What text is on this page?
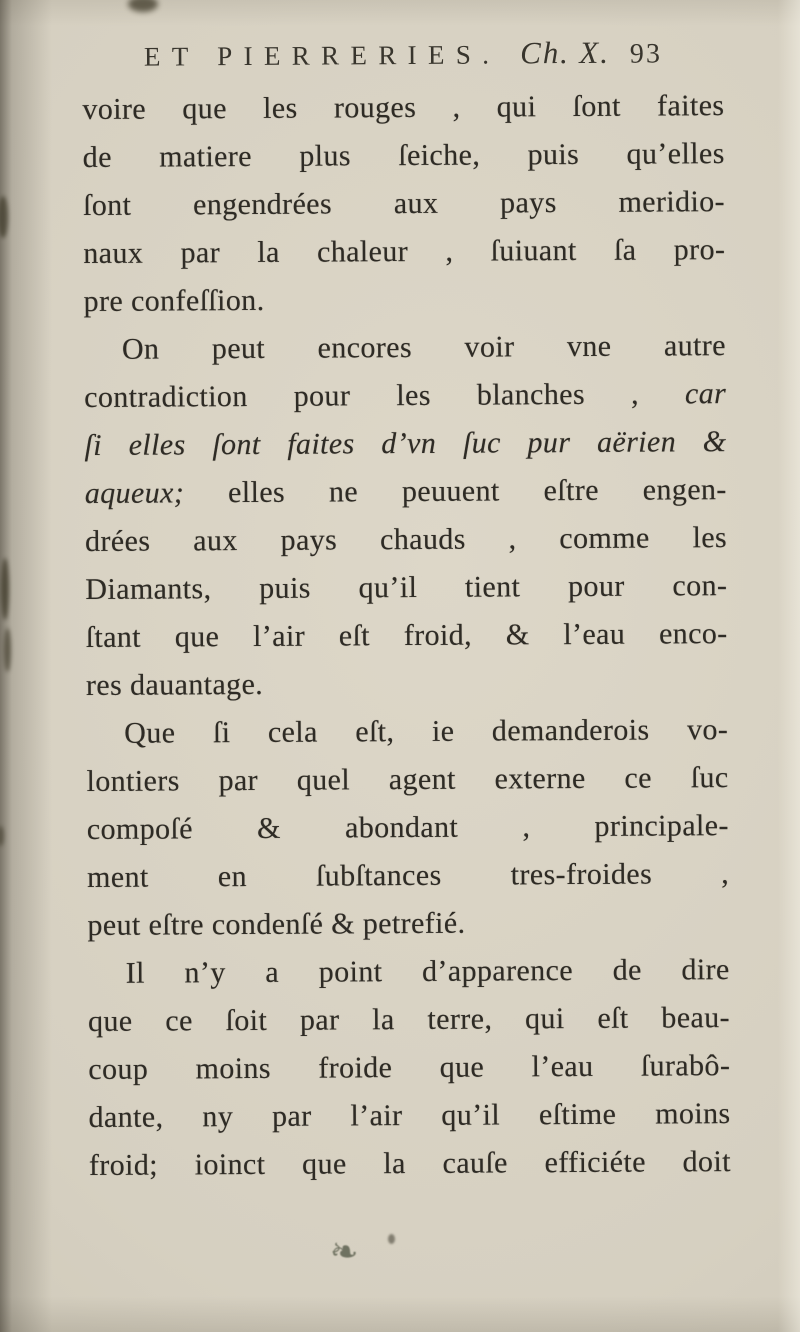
ET PIERRERIES. Ch. X. 93
voire que les rouges , qui ſont faites
de matiere plus ſeiche, puis qu’elles
ſont engendrées aux pays meridio-
naux par la chaleur , ſuiuant ſa pro-
pre confeſſion.
On peut encores voir vne autre
contradiction pour les blanches , car
ſi elles ſont faites d’vn ſuc pur aërien &
aqueux; elles ne peuuent eſtre engen-
drées aux pays chauds , comme les
Diamants, puis qu’il tient pour con-
ſtant que l’air eſt froid, & l’eau enco-
res dauantage.
Que ſi cela eſt, ie demanderois vo-
lontiers par quel agent externe ce ſuc
compoſé & abondant , principale-
ment en ſubſtances tres-froides ,
peut eſtre condenſé & petrefié.
Il n’y a point d’apparence de dire
que ce ſoit par la terre, qui eſt beau-
coup moins froide que l’eau ſurabô-
dante, ny par l’air qu’il eſtime moins
froid; ioinct que la cauſe efficiéte doit
❧
